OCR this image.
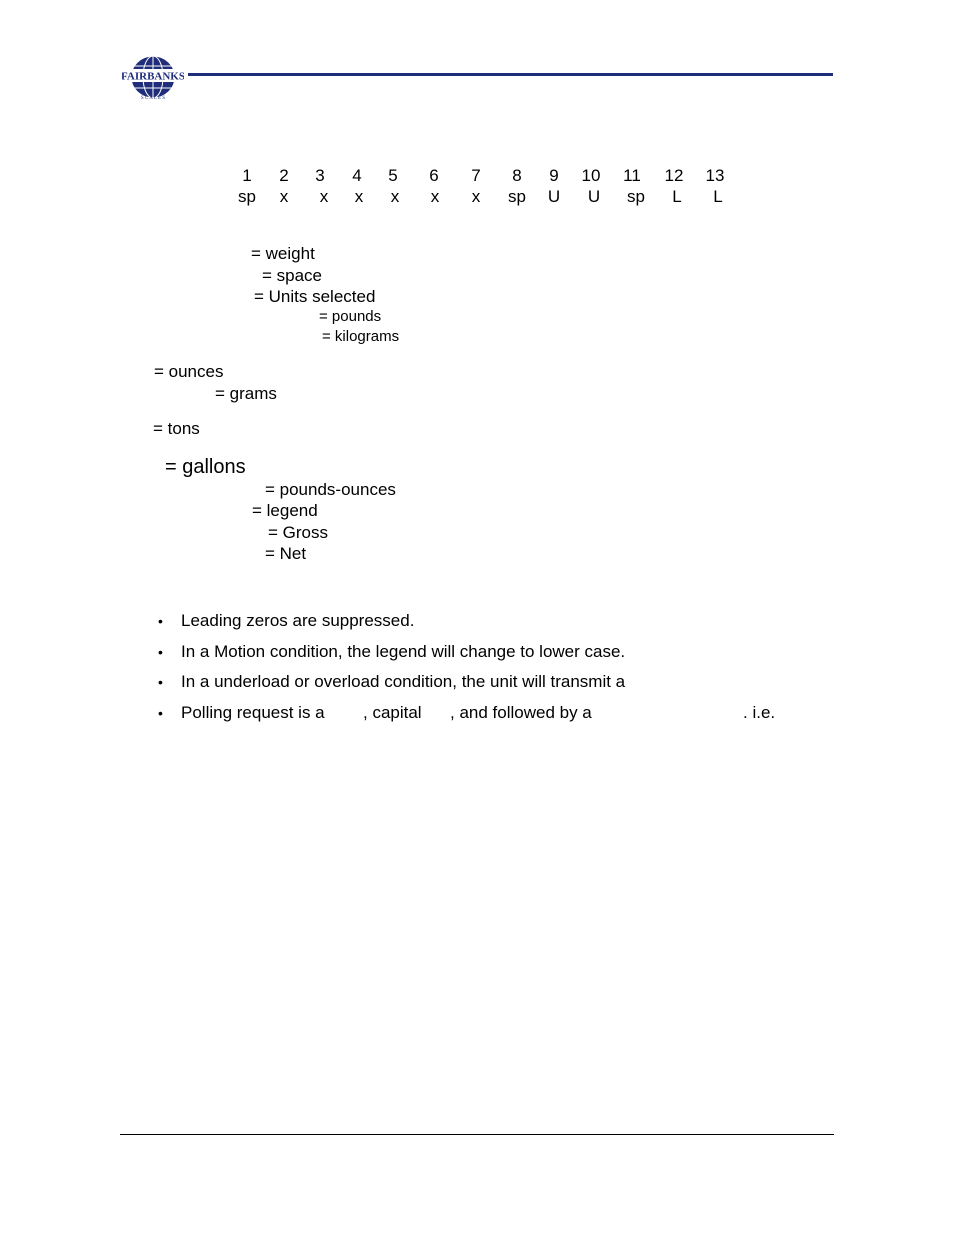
FAIRBANKS
S C A L E S
1
sp
2
x
3
x
4
x
5
x
6
x
7
x
8
sp
9
U
10
U
11
sp
12
L
13
L
= weight
= space
= Units selected
= pounds
= kilograms
= ounces
= grams
= tons
= gallons
= pounds-ounces
= legend
= Gross
= Net
• Leading zeros are suppressed.
• In a Motion condition, the legend will change to lower case.
• In a underload or overload condition, the unit will transmit a
• Polling request is a , capital , and followed by a	. i.e.
